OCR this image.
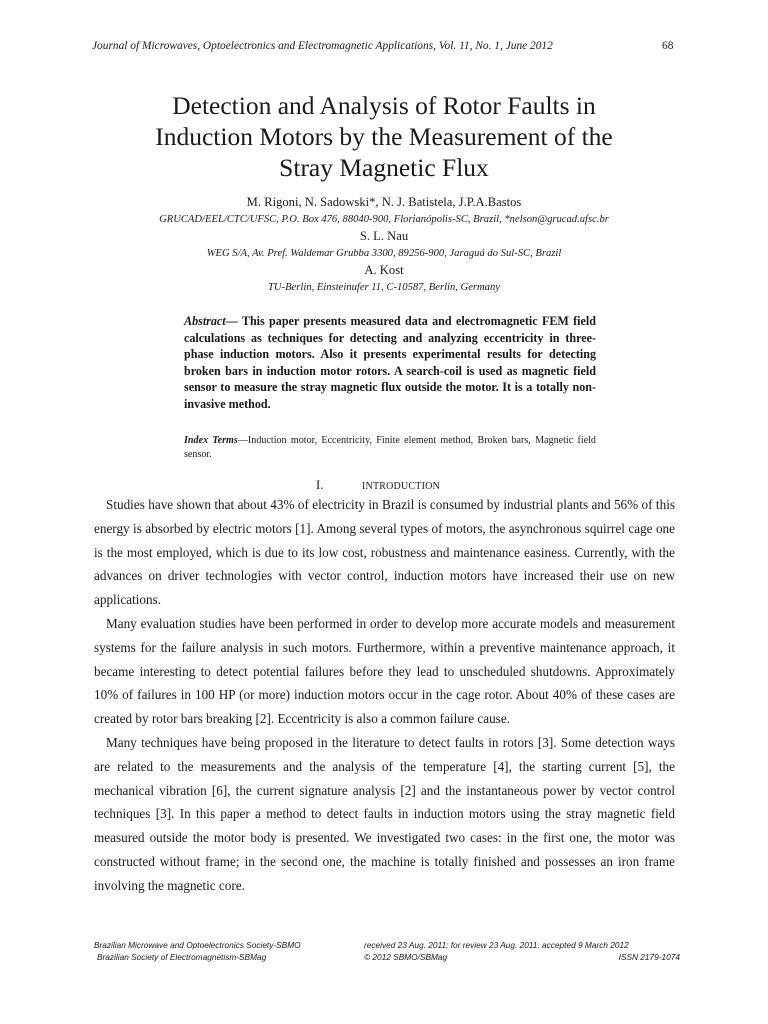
Journal of Microwaves, Optoelectronics and Electromagnetic Applications, Vol. 11, No. 1, June 2012	68
Detection and Analysis of Rotor Faults in
Induction Motors by the Measurement of the
Stray Magnetic Flux
M. Rigoni, N. Sadowski*, N. J. Batistela, J.P.A.Bastos
GRUCAD/EEL/CTC/UFSC, P.O. Box 476, 88040-900, Florianópolis-SC, Brazil, *nelson@grucad.ufsc.br
S. L. Nau
WEG S/A, Av. Pref. Waldemar Grubba 3300, 89256-900, Jaraguá do Sul-SC, Brazil
A. Kost
TU-Berlin, Einsteinufer 11, C-10587, Berlin, Germany
Abstract— This paper presents measured data and electromagnetic FEM field calculations as techniques for detecting and analyzing eccentricity in three-phase induction motors. Also it presents experimental results for detecting broken bars in induction motor rotors. A search-coil is used as magnetic field sensor to measure the stray magnetic flux outside the motor. It is a totally non-invasive method.
Index Terms—Induction motor, Eccentricity, Finite element method, Broken bars, Magnetic field sensor.
I.	INTRODUCTION

Studies have shown that about 43% of electricity in Brazil is consumed by industrial plants and 56% of this energy is absorbed by electric motors [1]. Among several types of motors, the asynchronous squirrel cage one is the most employed, which is due to its low cost, robustness and maintenance easiness. Currently, with the advances on driver technologies with vector control, induction motors have increased their use on new applications.

Many evaluation studies have been performed in order to develop more accurate models and measurement systems for the failure analysis in such motors. Furthermore, within a preventive maintenance approach, it became interesting to detect potential failures before they lead to unscheduled shutdowns. Approximately 10% of failures in 100 HP (or more) induction motors occur in the cage rotor. About 40% of these cases are created by rotor bars breaking [2]. Eccentricity is also a common failure cause.

Many techniques have being proposed in the literature to detect faults in rotors [3]. Some detection ways are related to the measurements and the analysis of the temperature [4], the starting current [5], the mechanical vibration [6], the current signature analysis [2] and the instantaneous power by vector control techniques [3]. In this paper a method to detect faults in induction motors using the stray magnetic field measured outside the motor body is presented. We investigated two cases: in the first one, the motor was constructed without frame; in the second one, the machine is totally finished and possesses an iron frame involving the magnetic core.

Brazilian Microwave and Optoelectronics Society-SBMO
Brazilian Society of Electromagnetism-SBMag
received 23 Aug. 2011; for review 23 Aug. 2011; accepted 9 March 2012
© 2012 SBMO/SBMag	ISSN 2179-1074
